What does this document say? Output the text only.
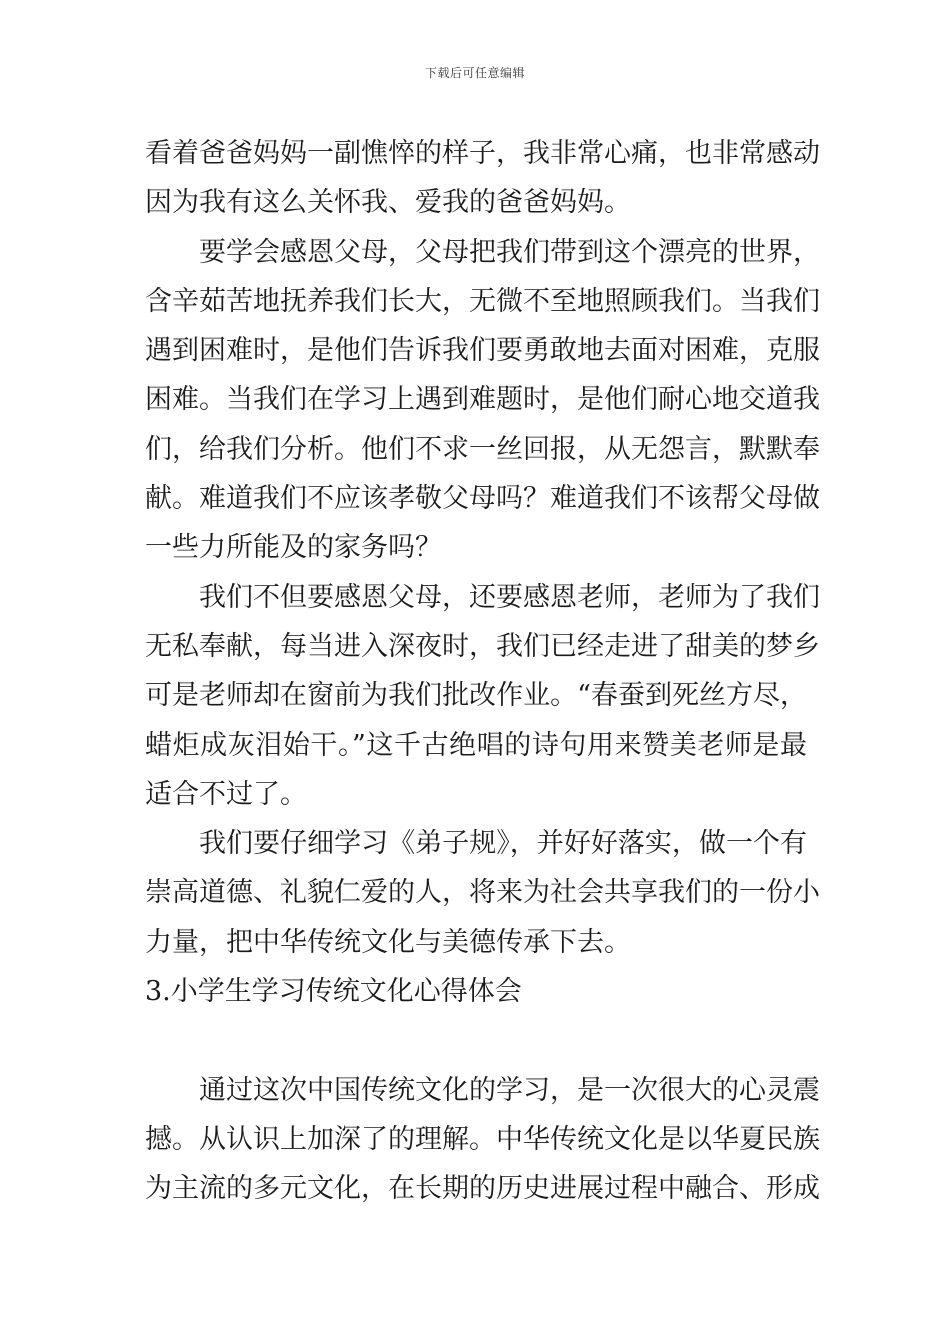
下载后可任意编辑
看着爸爸妈妈一副憔悴的样子，我非常心痛，也非常感动
因为我有这么关怀我、爱我的爸爸妈妈。
要学会感恩父母，父母把我们带到这个漂亮的世界，
含辛茹苦地抚养我们长大，无微不至地照顾我们。当我们
遇到困难时，是他们告诉我们要勇敢地去面对困难，克服
困难。当我们在学习上遇到难题时，是他们耐心地交道我
们，给我们分析。他们不求一丝回报，从无怨言，默默奉
献。难道我们不应该孝敬父母吗？难道我们不该帮父母做
一些力所能及的家务吗？
我们不但要感恩父母，还要感恩老师，老师为了我们
无私奉献，每当进入深夜时，我们已经走进了甜美的梦乡
可是老师却在窗前为我们批改作业。“春蚕到死丝方尽，
蜡炬成灰泪始干。”这千古绝唱的诗句用来赞美老师是最
适合不过了。
我们要仔细学习《弟子规》，并好好落实，做一个有
崇高道德、礼貌仁爱的人，将来为社会共享我们的一份小
力量，把中华传统文化与美德传承下去。
3.小学生学习传统文化心得体会
通过这次中国传统文化的学习，是一次很大的心灵震
撼。从认识上加深了的理解。中华传统文化是以华夏民族
为主流的多元文化，在长期的历史进展过程中融合、形成
